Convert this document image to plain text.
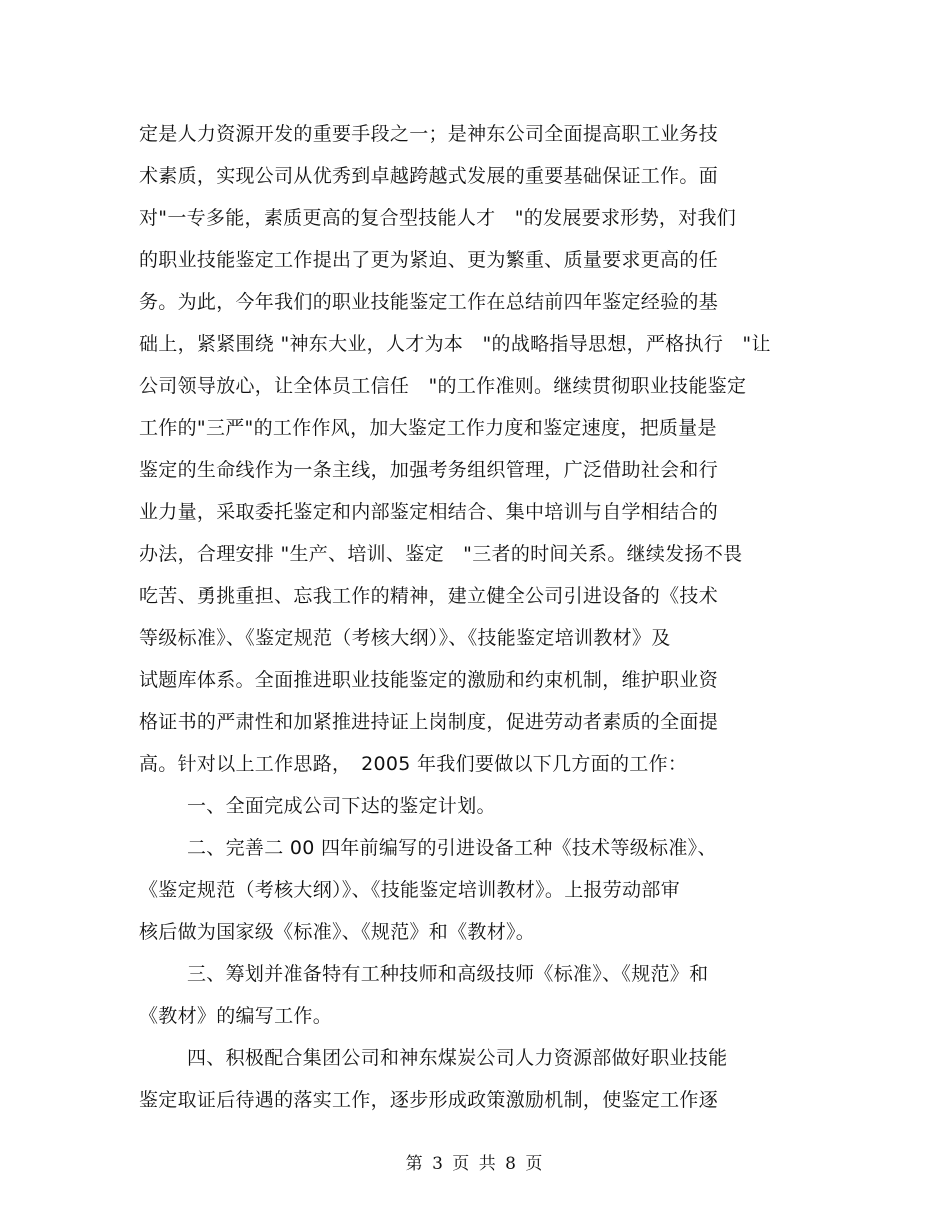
定是人力资源开发的重要手段之一；是神东公司全面提高职工业务技
术素质，实现公司从优秀到卓越跨越式发展的重要基础保证工作。面
对"一专多能，素质更高的复合型技能人才　"的发展要求形势，对我们
的职业技能鉴定工作提出了更为紧迫、更为繁重、质量要求更高的任
务。为此，今年我们的职业技能鉴定工作在总结前四年鉴定经验的基
础上，紧紧围绕 "神东大业，人才为本　"的战略指导思想，严格执行　"让
公司领导放心，让全体员工信任　"的工作准则。继续贯彻职业技能鉴定
工作的"三严"的工作作风，加大鉴定工作力度和鉴定速度，把质量是
鉴定的生命线作为一条主线，加强考务组织管理，广泛借助社会和行
业力量，采取委托鉴定和内部鉴定相结合、集中培训与自学相结合的
办法，合理安排 "生产、培训、鉴定　"三者的时间关系。继续发扬不畏
吃苦、勇挑重担、忘我工作的精神，建立健全公司引进设备的《技术
等级标准》、《鉴定规范（考核大纲）》、《技能鉴定培训教材》及
试题库体系。全面推进职业技能鉴定的激励和约束机制，维护职业资
格证书的严肃性和加紧推进持证上岗制度，促进劳动者素质的全面提
高。针对以上工作思路，　2005 年我们要做以下几方面的工作：
一、全面完成公司下达的鉴定计划。
二、完善二 00 四年前编写的引进设备工种《技术等级标准》、
《鉴定规范（考核大纲）》、《技能鉴定培训教材》。上报劳动部审
核后做为国家级《标准》、《规范》和《教材》。
三、筹划并准备特有工种技师和高级技师《标准》、《规范》和
《教材》的编写工作。
四、积极配合集团公司和神东煤炭公司人力资源部做好职业技能
鉴定取证后待遇的落实工作，逐步形成政策激励机制，使鉴定工作逐
第 3 页 共 8 页
